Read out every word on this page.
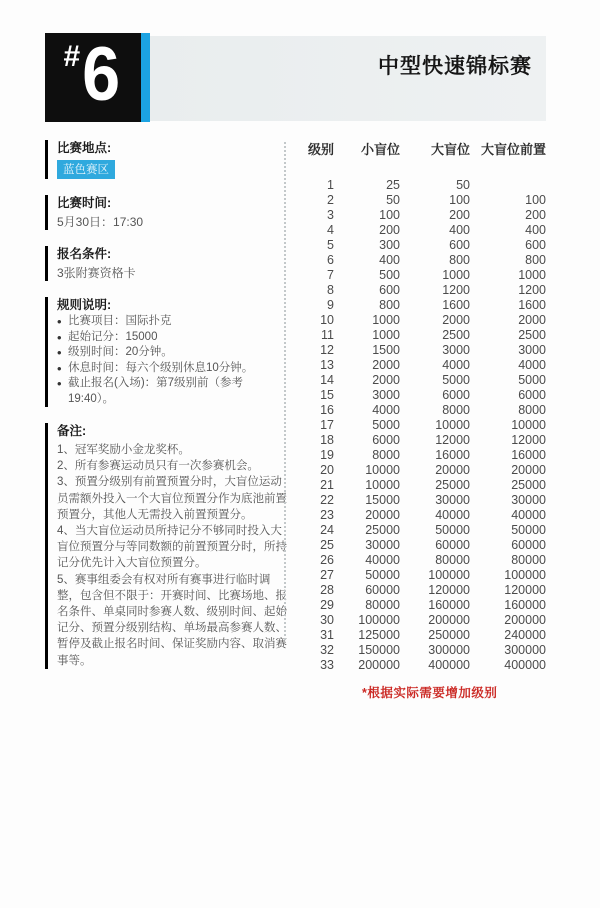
中型快速锦标赛
# 6
比赛地点:
蓝色赛区
比赛时间:
5月30日：17:30
报名条件:
3张附赛资格卡
规则说明:
• 比赛项目：国际扑克
• 起始记分：15000
• 级别时间：20分钟。
• 休息时间：每六个级别休息10分钟。
• 截止报名(入场)：第7级别前（参考19:40）。
备注:
1、冠军奖励小金龙奖杯。
2、所有参赛运动员只有一次参赛机会。
3、预置分级别有前置预置分时，大盲位运动员需额外投入一个大盲位预置分作为底池前置预置分，其他人无需投入前置预置分。
4、当大盲位运动员所持记分不够同时投入大盲位预置分与等同数额的前置预置分时，所持记分优先计入大盲位预置分。
5、赛事组委会有权对所有赛事进行临时调整，包含但不限于：开赛时间、比赛场地、报名条件、单桌同时参赛人数、级别时间、起始记分、预置分级别结构、单场最高参赛人数、暂停及截止报名时间、保证奖励内容、取消赛事等。
级别	小盲位	大盲位	大盲位前置
1	25	50	
2	50	100	100
3	100	200	200
4	200	400	400
5	300	600	600
6	400	800	800
7	500	1000	1000
8	600	1200	1200
9	800	1600	1600
10	1000	2000	2000
11	1000	2500	2500
12	1500	3000	3000
13	2000	4000	4000
14	2000	5000	5000
15	3000	6000	6000
16	4000	8000	8000
17	5000	10000	10000
18	6000	12000	12000
19	8000	16000	16000
20	10000	20000	20000
21	10000	25000	25000
22	15000	30000	30000
23	20000	40000	40000
24	25000	50000	50000
25	30000	60000	60000
26	40000	80000	80000
27	50000	100000	100000
28	60000	120000	120000
29	80000	160000	160000
30	100000	200000	200000
31	125000	250000	240000
32	150000	300000	300000
33	200000	400000	400000
*根据实际需要增加级别
